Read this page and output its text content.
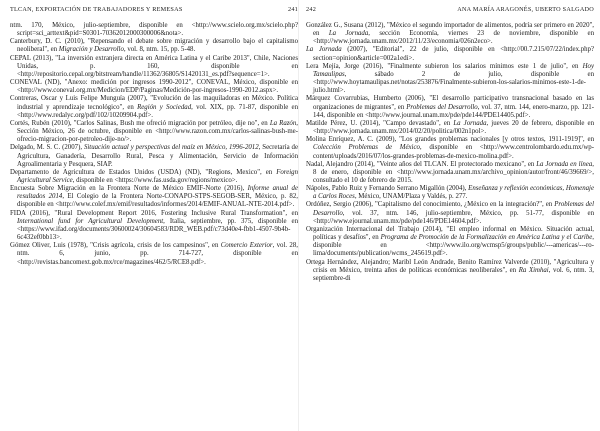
TLCAN, EXPORTACIÓN DE TRABAJADORES Y REMESAS	241

ntm. 170, México, julio-septiembre, disponible en <http://www.scielo.org.mx/scielo.php?script=sci_arttext&pid=S0301-70362012000300006&nota>.

Canterbury, D. C. (2010), "Repensando el debate sobre migración y desarrollo bajo el capitalismo neoliberal", en Migración y Desarrollo, vol. 8, ntm. 15, pp. 5-48.

CEPAL (2013), "La inversión extranjera directa en América Latina y el Caribe 2013", Chile, Naciones Unidas, p. 160, disponible en <http://repositorio.cepal.org/bitstream/handle/11362/36805/S1420131_es.pdf?sequence=1>.

CONEVAL (ND), "Anexo: medición por ingresos 1990-2012", CONEVAL, México, disponible en <http://www.coneval.org.mx/Medicion/EDP/Paginas/Medición-por-ingresos-1990-2012.aspx>.

Contreras, Oscar y Luis Felipe Munguía (2007), "Evolución de las maquiladoras en México. Política industrial y aprendizaje tecnológico", en Región y Sociedad, vol. XIX, pp. 71-87, disponible en <http://www.redalyc.org/pdf/102/10209904.pdf>.

Cortés, Rubén (2010), "Carlos Salinas, Bush me ofreció migración por petróleo, dije no", en La Razón Sección México, 26 de octubre, disponible en <http://www.razon.com.mx/carlos-salinas-bush-me-ofrecio-migracion-por-petroleo-dije-no/>.

Delgado, M. S. C. (2007), Situación actual y perspectivas del maíz en México, 1996-2012, Secretaría de Agricultura, Ganadería, Desarrollo Rural, Pesca y Alimentación, Servicio de Información Agroalimentaria y Pesquera, SIAP.

Departamento de Agricultura de Estados Unidos (USDA) (ND), "Regions, Mexico", en Foreign Agricultural Service, disponible en <https://www.fas.usda.gov/regions/mexico>.

Encuesta Sobre Migración en la Frontera Norte de México EMIF-Norte (2016), Informe anual de resultados 2014, El Colegio de la Frontera Norte-CONAPO-STPS-SEGOB-SER, México, p. 82, disponible en <http://www.colef.mx/emif/resultados/informes/2014/EMIF-ANUAL-NTE-2014.pdf>.

FIDA (2016), "Rural Development Report 2016, Fostering Inclusive Rural Transformation", en International fund for Agricultural Development, Italia, septiembre, pp. 375, disponible en <https://www.ifad.org/documents/30600024/30604583/RDR_WEB.pdf/c73d40e4-fbb1-4507-9b4b-6c432ef0bb13>.

Gómez Oliver, Luis (1978), "Crisis agrícola, crisis de los campesinos", en Comercio Exterior, vol. 28, ntm. 6, junio, pp. 714-727, disponible en <http://revistas.bancomext.gob.mx/rce/magazines/462/5/RCE8.pdf>.

242	ANA MARÍA ARAGONÉS, UBERTO SALGADO

González G., Susana (2012), "México el segundo importador de alimentos, podría ser primero en 2020", en La Jornada, sección Economía, viernes 23 de noviembre, disponible en <http://www.jornada.unam.mx/2012/11/23/economia/026n2eco>.

La Jornada (2007), "Editorial", 22 de julio, disponible en <http://00.7.215/07/22/index.php?section=opinion&article=002a1edi>.

Lera Mejía, Jorge (2016), "Finalmente subieron los salarios mínimos este 1 de julio", en Hoy Tamaulipas, sábado 2 de julio, disponible en <http://www.hoytamaulipas.net/notas/253876/Finalmente-subieron-los-salarios-minimos-este-1-de-julio.html>.

Márquez Covarrubias, Humberto (2006), "El desarrollo participativo transnacional basado en las organizaciones de migrantes", en Problemas del Desarrollo, vol. 37, ntm. 144, enero-marzo, pp. 121-144, disponible en <http://www.journal.unam.mx/pde/pde144/PDE14405.pdf>.

Matilde Pérez, U. (2014), "Campo devastado", en La Jornada, jueves 20 de febrero, disponible en <http://www.jornada.unam.mx/2014/02/20/politica/002n1pol>.

Molina Enríquez, A. C. (2009), "Los grandes problemas nacionales [y otros textos, 1911-1919]", en Colección Problemas de México, disponible en <http://www.centrolombardo.edu.mx/wp-content/uploads/2016/07/los-grandes-problemas-de-mexico-molina.pdf>.

Nadal, Alejandro (2014), "Veinte años del TLCAN. El protectorado mexicano", en La Jornada en línea, 8 de enero, disponible en <http://www.jornada.unam.mx/archivo_opinion/autor/front/46/39669/>, consultado el 10 de febrero de 2015.

Nápoles, Pablo Ruiz y Fernando Serrano Migallón (2004), Enseñanza y reflexión económicas, Homenaje a Carlos Roces, México, UNAM/Plaza y Valdés, p. 277.

Ordóñez, Sergio (2006), "Capitalismo del conocimiento, ¿México en la integración?", en Problemas del Desarrollo, vol. 37, ntm. 146, julio-septiembre, México, pp. 51-77, disponible en <http://www.ejournal.unam.mx/pde/pde146/PDE14604.pdf>.

Organización Internacional del Trabajo (2014), "El empleo informal en México. Situación actual, políticas y desafíos", en Programa de Promoción de la Formalización en América Latina y el Caribe, disponible en <http://www.ilo.org/wcmsp5/groups/public/---americas/---ro-lima/documents/publication/wcms_245619.pdf>.

Ortega Hernández, Alejandro; Maribl León Andrade, Benito Ramírez Valverde (2010), "Agricultura y crisis en México, treinta años de políticas económicas neoliberales", en Ra Ximhai, vol. 6, ntm. 3, septiembre-di
